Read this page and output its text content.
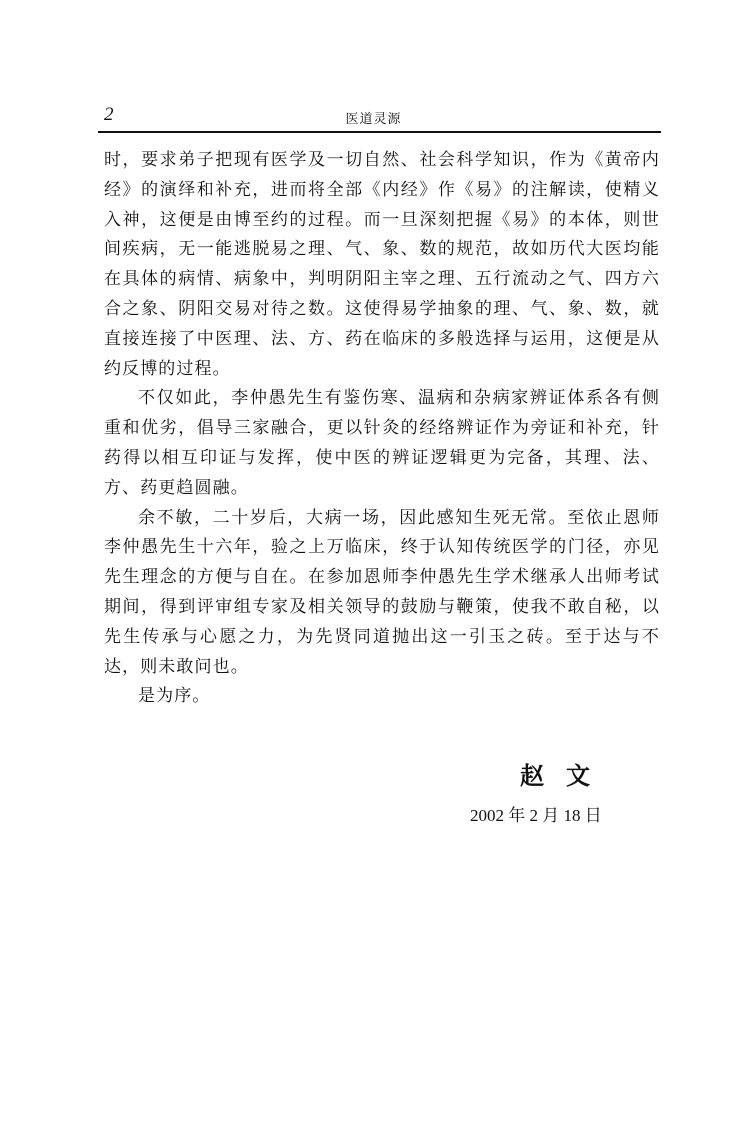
2	医道灵源

时，要求弟子把现有医学及一切自然、社会科学知识，作为《黄帝内经》的演绎和补充，进而将全部《内经》作《易》的注解读，使精义入神，这便是由博至约的过程。而一旦深刻把握《易》的本体，则世间疾病，无一能逃脱易之理、气、象、数的规范，故如历代大医均能在具体的病情、病象中，判明阴阳主宰之理、五行流动之气、四方六合之象、阴阳交易对待之数。这使得易学抽象的理、气、象、数，就直接连接了中医理、法、方、药在临床的多般选择与运用，这便是从约反博的过程。

不仅如此，李仲愚先生有鉴伤寒、温病和杂病家辨证体系各有侧重和优劣，倡导三家融合，更以针灸的经络辨证作为旁证和补充，针药得以相互印证与发挥，使中医的辨证逻辑更为完备，其理、法、方、药更趋圆融。

余不敏，二十岁后，大病一场，因此感知生死无常。至依止恩师李仲愚先生十六年，验之上万临床，终于认知传统医学的门径，亦见先生理念的方便与自在。在参加恩师李仲愚先生学术继承人出师考试期间，得到评审组专家及相关领导的鼓励与鞭策，使我不敢自秘，以先生传承与心愿之力，为先贤同道抛出这一引玉之砖。至于达与不达，则未敢问也。

是为序。

赵文
2002 年 2 月 18 日
